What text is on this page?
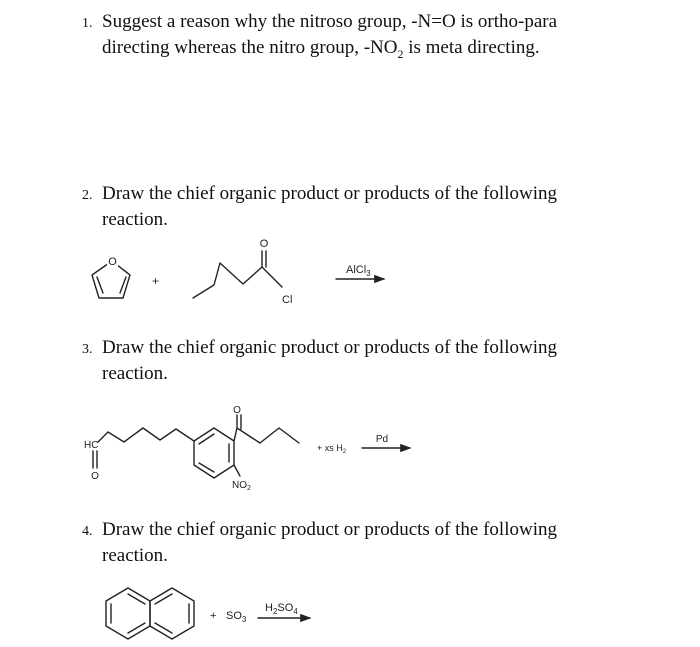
1. Suggest a reason why the nitroso group, -N=O is ortho-para
directing whereas the nitro group, $-NO_2$ is meta directing.
2. Draw the chief organic product or products of the following
reaction.
3. Draw the chief organic product or products of the following
reaction.
4. Draw the chief organic product or products of the following
reaction.
O
+
O
Cl
AlCl$_3$
HC
O
$NO_2$
O
+ xs $H_2$
Pd
+ $SO_3$
$H_2SO_4$
